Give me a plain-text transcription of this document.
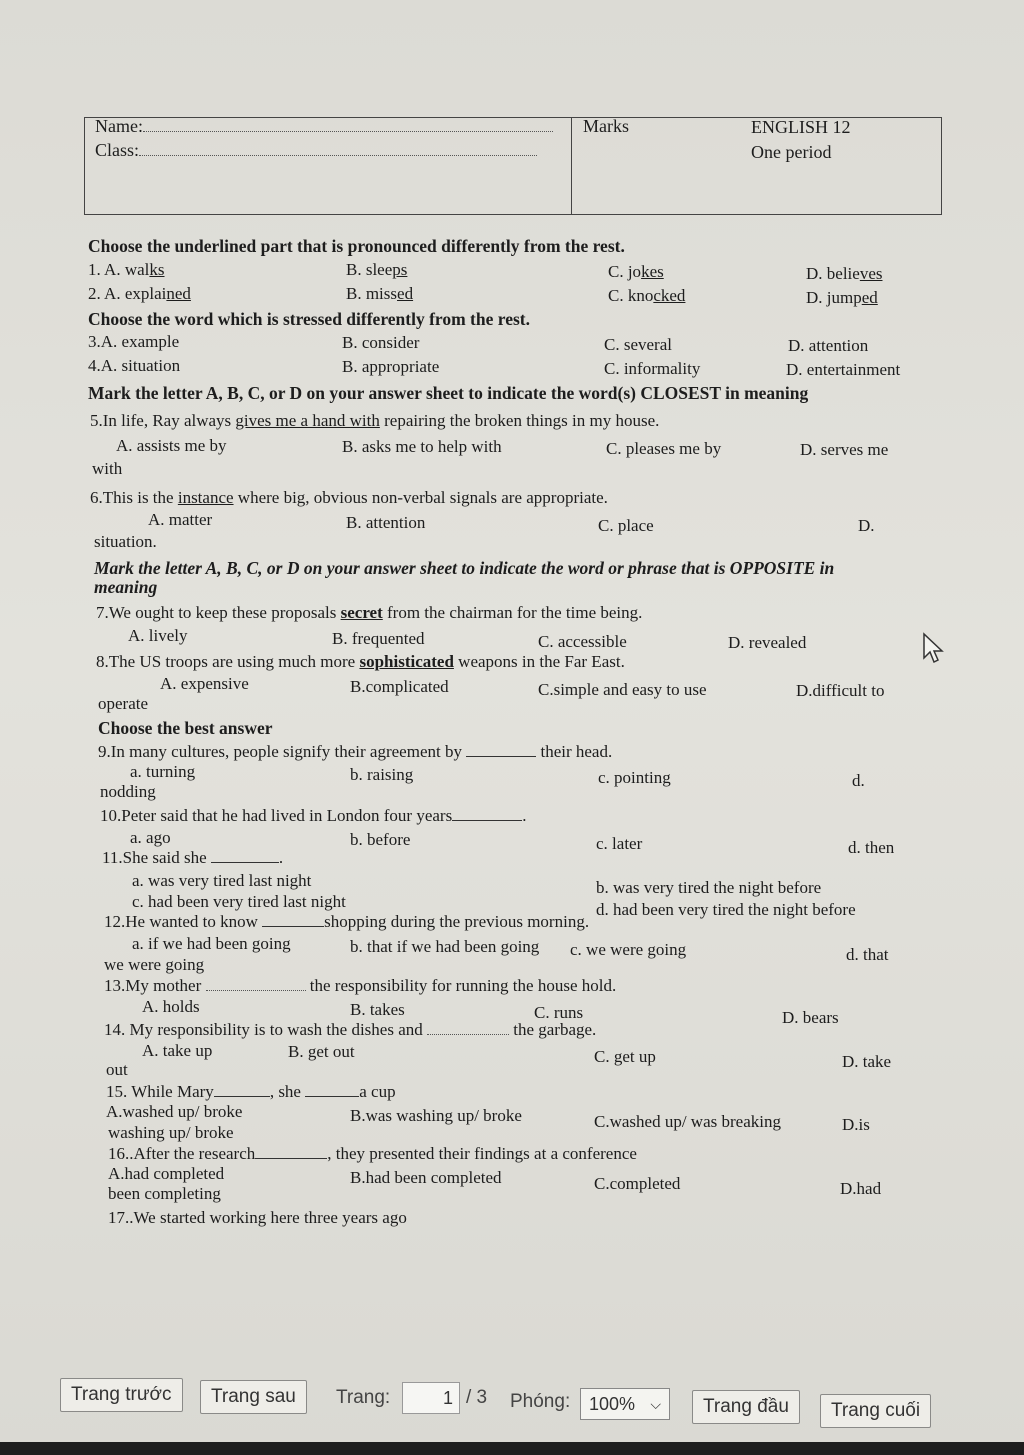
Name:
Class:
Marks	ENGLISH 12
One period
Choose the underlined part that is pronounced differently from the rest.
1. A. walks	B. sleeps	C. jokes	D. believes
2. A. explained	B. missed	C. knocked	D. jumped
Choose the word which is stressed differently from the rest.
3.A. example	B. consider	C. several	D. attention
4.A. situation	B. appropriate	C. informality	D. entertainment
Mark the letter A, B, C, or D on your answer sheet to indicate the word(s) CLOSEST in meaning
5.In life, Ray always gives me a hand with repairing the broken things in my house.
A. assists me by	B. asks me to help with	C. pleases me by	D. serves me
with
6.This is the instance where big, obvious non-verbal signals are appropriate.
A. matter	B. attention	C. place	D.
situation.
Mark the letter A, B, C, or D on your answer sheet to indicate the word or phrase that is OPPOSITE in
meaning
7.We ought to keep these proposals secret from the chairman for the time being.
A. lively	B. frequented	C. accessible	D. revealed
8.The US troops are using much more sophisticated weapons in the Far East.
A. expensive	B.complicated	C.simple and easy to use	D.difficult to
operate
Choose the best answer
9.In many cultures, people signify their agreement by	their head.
a. turning	b. raising	c. pointing	d.
nodding
10.Peter said that he had lived in London four years	.
a. ago	b. before	c. later	d. then
11.She said she	.
a. was very tired last night	b. was very tired the night before
c. had been very tired last night	d. had been very tired the night before
12.He wanted to know	shopping during the previous morning.
a. if we had been going	b. that if we had been going c. we were going	d. that
we were going
13.My mother	the responsibility for running the house hold.
A. holds	B. takes	C. runs	D. bears
14. My responsibility is to wash the dishes and	the garbage.
A. take up	B. get out	C. get up	D. take
out
15. While Mary	, she	a cup
A.washed up/ broke	B.was washing up/ broke	C.washed up/ was breaking	D.is
washing up/ broke
16..After the research	, they presented their findings at a conference
A.had completed	B.had been completed	C.completed	D.had
been completing
17..We started working here three years ago
Trang trước	Trang sau	Trang:	1 / 3 Phóng:	100% ⌵	Trang đầu	Trang cuối
